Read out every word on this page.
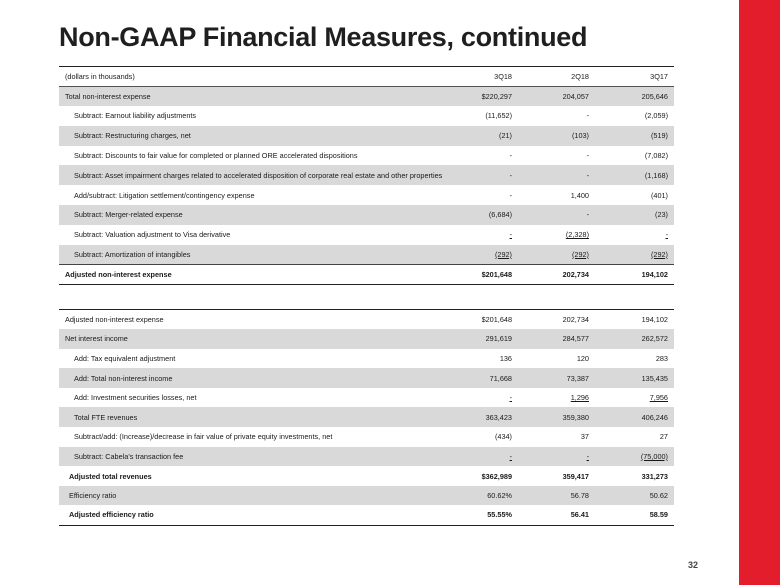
Non-GAAP Financial Measures, continued
(dollars in thousands)	3Q18	2Q18	3Q17
Total non-interest expense	$220,297	204,057	205,646
Subtract: Earnout liability adjustments	(11,652)	-	(2,059)
Subtract: Restructuring charges, net	(21)	(103)	(519)
Subtract: Discounts to fair value for completed or planned ORE accelerated dispositions	-	-	(7,082)
Subtract: Asset impairment charges related to accelerated disposition of corporate real estate and other properties	-	-	(1,168)
Add/subtract: Litigation settlement/contingency expense	-	1,400	(401)
Subtract: Merger-related expense	(6,684)	-	(23)
Subtract: Valuation adjustment to Visa derivative	-	(2,328)	-
Subtract: Amortization of intangibles	(292)	(292)	(292)
Adjusted non-interest expense	$201,648	202,734	194,102
Adjusted non-interest expense	$201,648	202,734	194,102
Net interest income	291,619	284,577	262,572
Add: Tax equivalent adjustment	136	120	283
Add: Total non-interest income	71,668	73,387	135,435
Add: Investment securities losses, net	-	1,296	7,956
Total FTE revenues	363,423	359,380	406,246
Subtract/add: (Increase)/decrease in fair value of private equity investments, net	(434)	37	27
Subtract: Cabela's transaction fee	-	-	(75,000)
Adjusted total revenues	$362,989	359,417	331,273
Efficiency ratio	60.62%	56.78	50.62
Adjusted efficiency ratio	55.55%	56.41	58.59
32
